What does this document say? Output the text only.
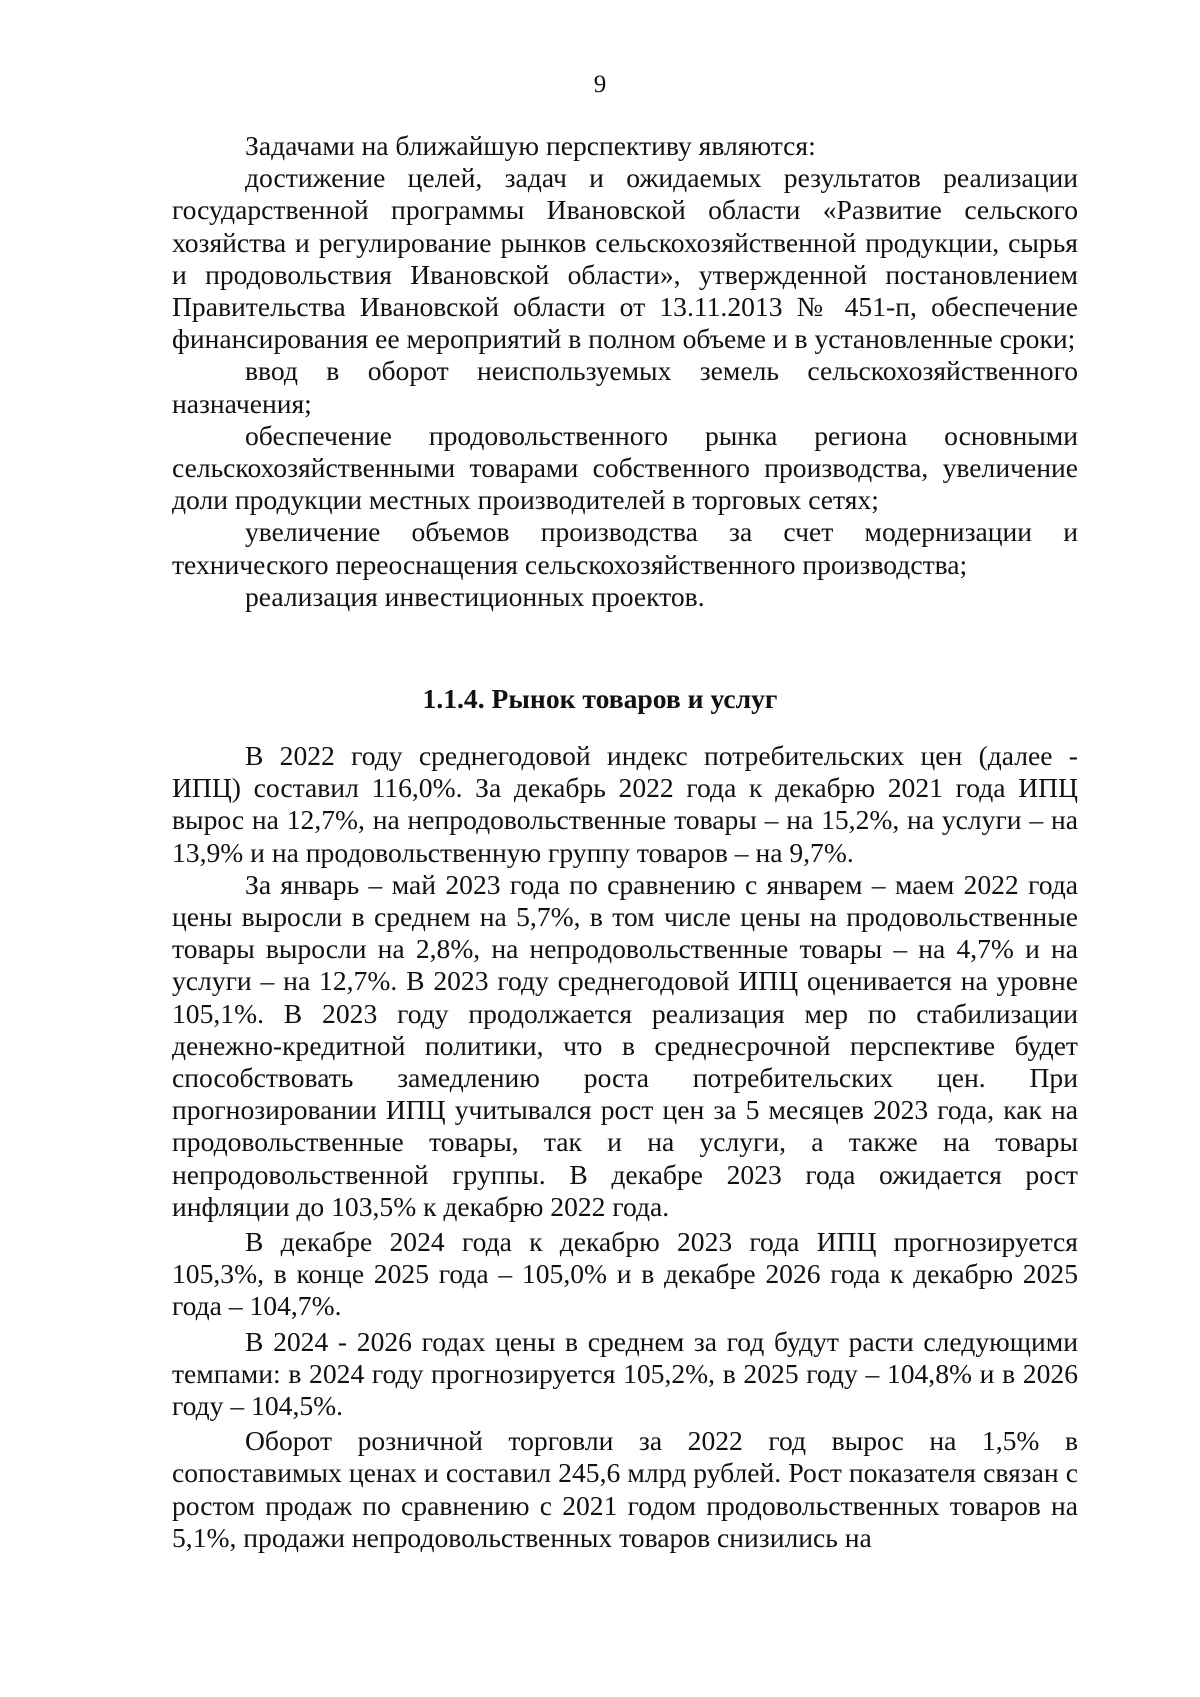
9

Задачами на ближайшую перспективу являются:

достижение целей, задач и ожидаемых результатов реализации государственной программы Ивановской области «Развитие сельского хозяйства и регулирование рынков сельскохозяйственной продукции, сырья и продовольствия Ивановской области», утвержденной постановлением Правительства Ивановской области от 13.11.2013 № 451-п, обеспечение финансирования ее мероприятий в полном объеме и в установленные сроки;

ввод в оборот неиспользуемых земель сельскохозяйственного назначения;

обеспечение продовольственного рынка региона основными сельскохозяйственными товарами собственного производства, увеличение доли продукции местных производителей в торговых сетях;

увеличение объемов производства за счет модернизации и технического переоснащения сельскохозяйственного производства;

реализация инвестиционных проектов.

1.1.4. Рынок товаров и услуг

В 2022 году среднегодовой индекс потребительских цен (далее - ИПЦ) составил 116,0%. За декабрь 2022 года к декабрю 2021 года ИПЦ вырос на 12,7%, на непродовольственные товары – на 15,2%, на услуги – на 13,9% и на продовольственную группу товаров – на 9,7%.

За январь – май 2023 года по сравнению с январем – маем 2022 года цены выросли в среднем на 5,7%, в том числе цены на продовольственные товары выросли на 2,8%, на непродовольственные товары – на 4,7% и на услуги – на 12,7%. В 2023 году среднегодовой ИПЦ оценивается на уровне 105,1%. В 2023 году продолжается реализация мер по стабилизации денежно-кредитной политики, что в среднесрочной перспективе будет способствовать замедлению роста потребительских цен. При прогнозировании ИПЦ учитывался рост цен за 5 месяцев 2023 года, как на продовольственные товары, так и на услуги, а также на товары непродовольственной группы. В декабре 2023 года ожидается рост инфляции до 103,5% к декабрю 2022 года.

В декабре 2024 года к декабрю 2023 года ИПЦ прогнозируется 105,3%, в конце 2025 года – 105,0% и в декабре 2026 года к декабрю 2025 года – 104,7%.

В 2024 - 2026 годах цены в среднем за год будут расти следующими темпами: в 2024 году прогнозируется 105,2%, в 2025 году – 104,8% и в 2026 году – 104,5%.

Оборот розничной торговли за 2022 год вырос на 1,5% в сопоставимых ценах и составил 245,6 млрд рублей. Рост показателя связан с ростом продаж по сравнению с 2021 годом продовольственных товаров на 5,1%, продажи непродовольственных товаров снизились на
